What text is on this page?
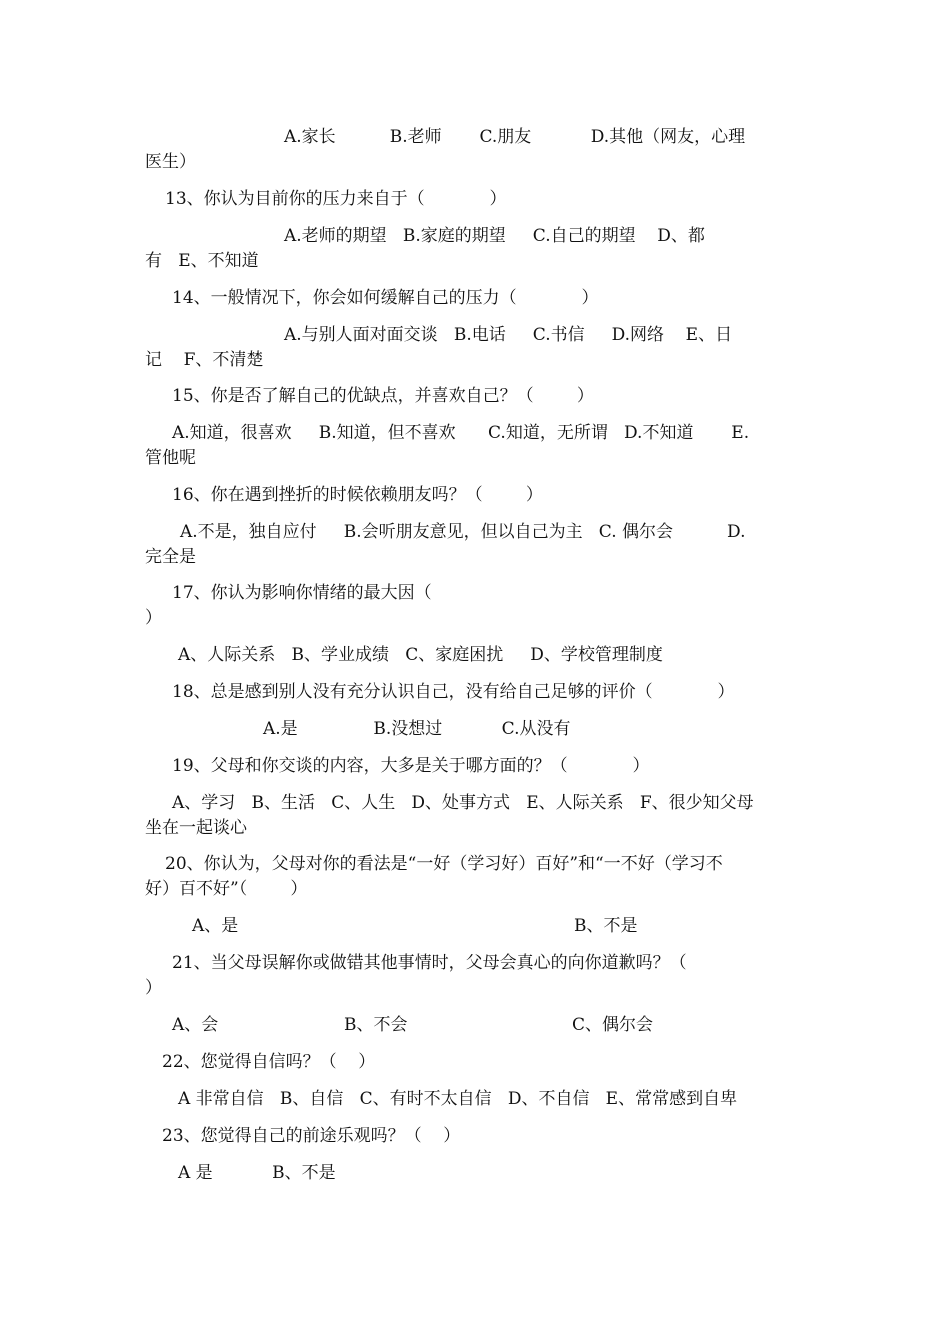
A.家长          B.老师       C.朋友           D.其他（网友，心理
医生）
13、你认为目前你的压力来自于（            ）
A.老师的期望   B.家庭的期望     C.自己的期望    D、都
有   E、不知道
14、一般情况下，你会如何缓解自己的压力（            ）
A.与别人面对面交谈   B.电话     C.书信     D.网络    E、日
记    F、不清楚
15、你是否了解自己的优缺点，并喜欢自己？（        ）
A.知道，很喜欢     B.知道，但不喜欢      C.知道，无所谓   D.不知道       E.
管他呢
16、你在遇到挫折的时候依赖朋友吗？（        ）
A.不是，独自应付     B.会听朋友意见，但以自己为主   C. 偶尔会          D.
完全是
17、你认为影响你情绪的最大因（
）
A、人际关系   B、学业成绩   C、家庭困扰     D、学校管理制度
18、总是感到别人没有充分认识自己，没有给自己足够的评价（            ）
A.是              B.没想过           C.从没有
19、父母和你交谈的内容，大多是关于哪方面的？（            ）
A、学习   B、生活   C、人生   D、处事方式   E、人际关系   F、很少知父母
坐在一起谈心
20、你认为，父母对你的看法是“一好（学习好）百好”和“一不好（学习不
好）百不好”（        ）
A、是	B、不是
21、当父母误解你或做错其他事情时，父母会真心的向你道歉吗？（
）
A、会	B、不会	C、偶尔会
22、您觉得自信吗？（    ）
A 非常自信   B、自信   C、有时不太自信   D、不自信   E、常常感到自卑
23、您觉得自己的前途乐观吗？（    ）
A 是           B、不是
